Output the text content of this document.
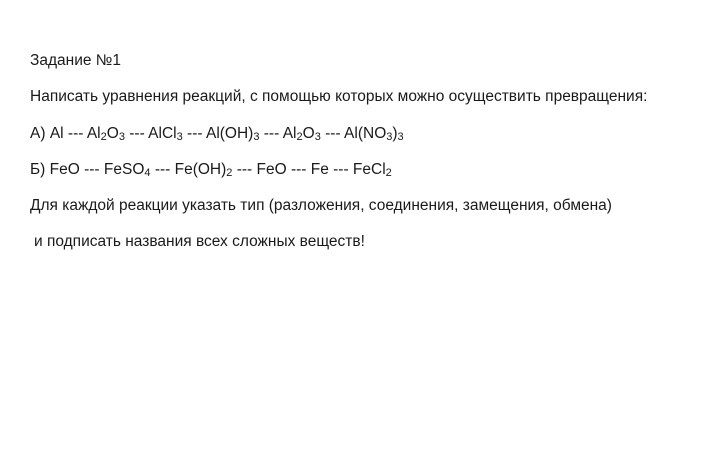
Задание №1
Написать уравнения реакций, с помощью которых можно осуществить превращения:
А) Al --- $Al_2O_3$ --- AlCl$_3$ --- $Al(OH)_3$ --- $Al_2O_3$ --- $Al(NO_3)_3$
Б) FeO --- FeSO$_4$ --- $Fe(OH)_2$ --- FeO --- Fe --- FeCl$_2$
Для каждой реакции указать тип (разложения, соединения, замещения, обмена)
и подписать названия всех сложных веществ!
